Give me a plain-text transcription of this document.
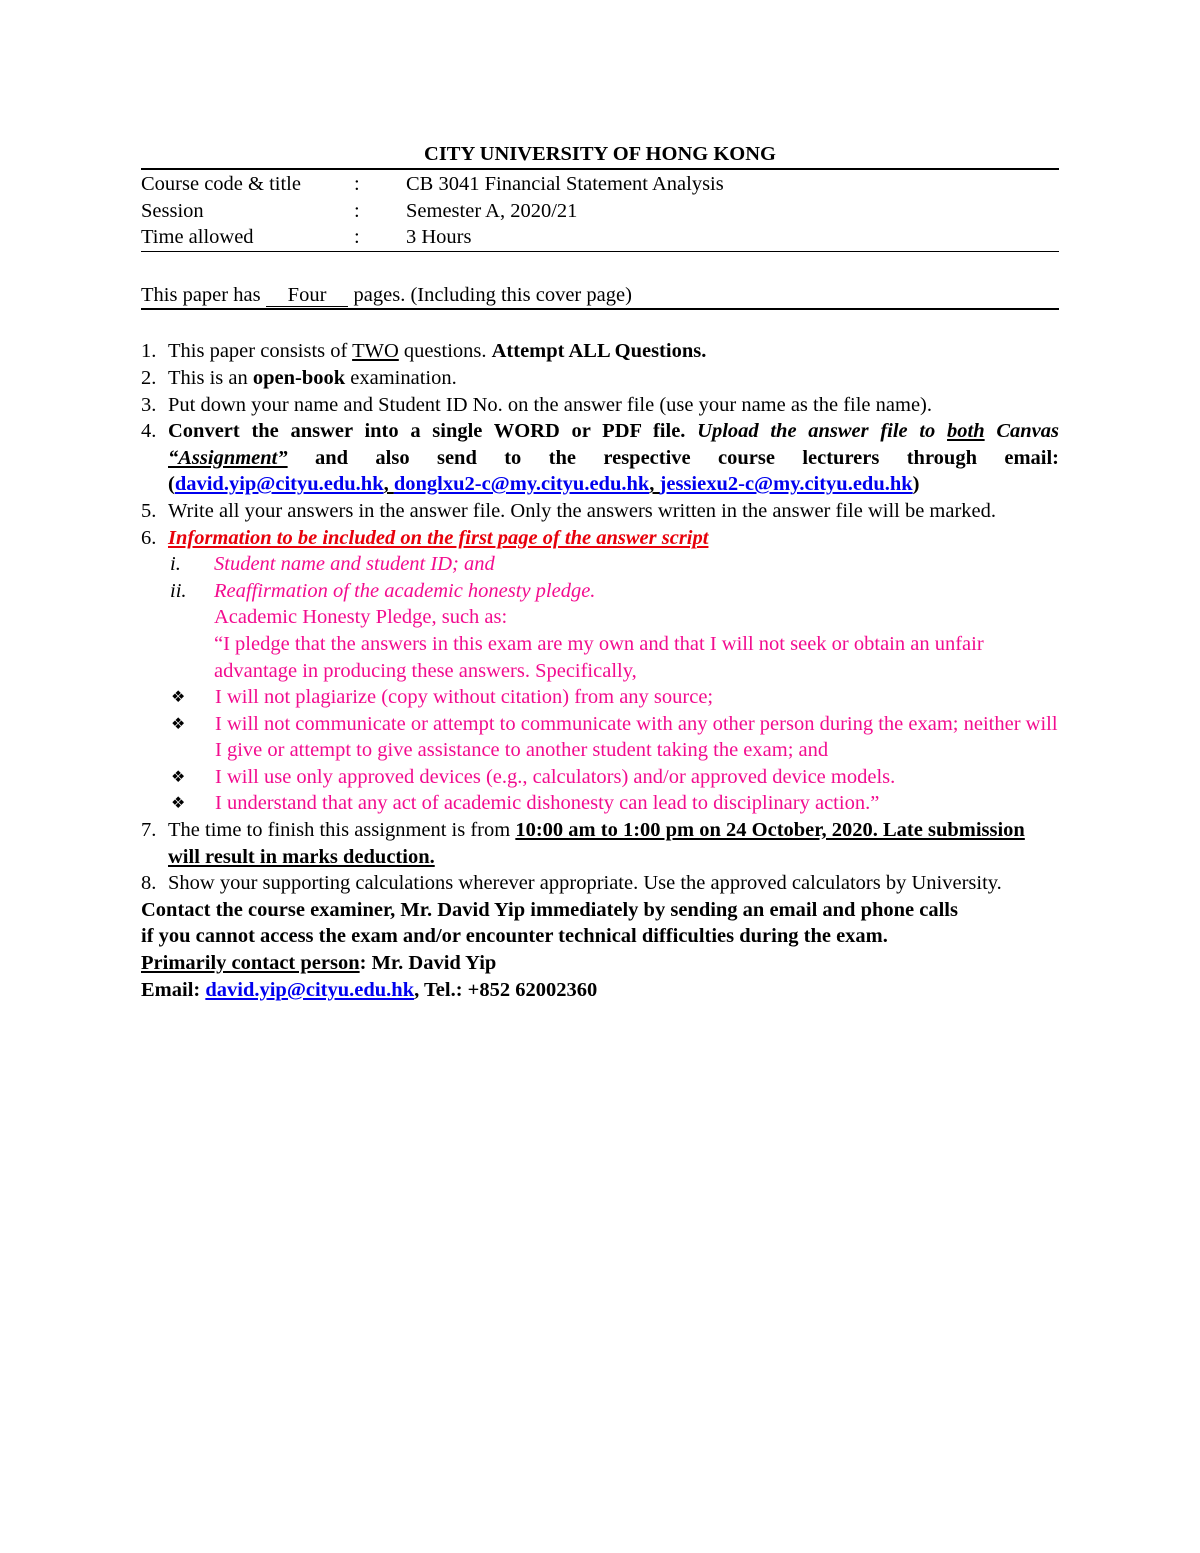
CITY UNIVERSITY OF HONG KONG
Course code & title	:	CB 3041 Financial Statement Analysis
Session	:	Semester A, 2020/21
Time allowed	:	3 Hours
This paper has Four pages. (Including this cover page)
1. This paper consists of TWO questions. Attempt ALL Questions.
2. This is an open-book examination.
3. Put down your name and Student ID No. on the answer file (use your name as the file name).
4. Convert the answer into a single WORD or PDF file. Upload the answer file to both Canvas “Assignment” and also send to the respective course lecturers through email: (david.yip@cityu.edu.hk, donglxu2-c@my.cityu.edu.hk, jessiexu2-c@my.cityu.edu.hk)
5. Write all your answers in the answer file. Only the answers written in the answer file will be marked.
6. Information to be included on the first page of the answer script
i.	Student name and student ID; and
ii.	Reaffirmation of the academic honesty pledge.
Academic Honesty Pledge, such as:
“I pledge that the answers in this exam are my own and that I will not seek or obtain an unfair advantage in producing these answers. Specifically,
❖	I will not plagiarize (copy without citation) from any source;
❖	I will not communicate or attempt to communicate with any other person during the exam; neither will I give or attempt to give assistance to another student taking the exam; and
❖	I will use only approved devices (e.g., calculators) and/or approved device models.
❖	I understand that any act of academic dishonesty can lead to disciplinary action.”
7. The time to finish this assignment is from 10:00 am to 1:00 pm on 24 October, 2020. Late submission will result in marks deduction.
8. Show your supporting calculations wherever appropriate. Use the approved calculators by University.
Contact the course examiner, Mr. David Yip immediately by sending an email and phone calls if you cannot access the exam and/or encounter technical difficulties during the exam.
Primarily contact person: Mr. David Yip
Email: david.yip@cityu.edu.hk, Tel.: +852 62002360
